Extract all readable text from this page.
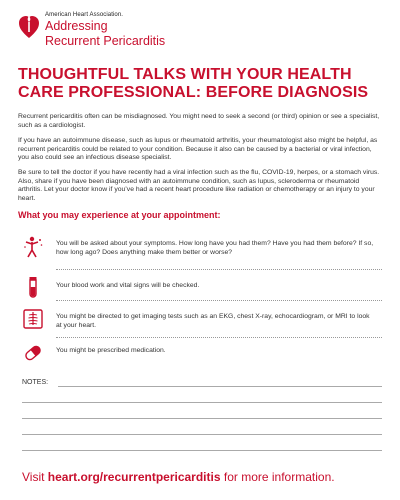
American Heart Association.
Addressing
Recurrent Pericarditis
THOUGHTFUL TALKS WITH YOUR HEALTH CARE PROFESSIONAL: BEFORE DIAGNOSIS
Recurrent pericarditis often can be misdiagnosed. You might need to seek a second (or third) opinion or see a specialist, such as a cardiologist.
If you have an autoimmune disease, such as lupus or rheumatoid arthritis, your rheumatologist also might be helpful, as recurrent pericarditis could be related to your condition. Because it also can be caused by a bacterial or viral infection, you also could see an infectious disease specialist.
Be sure to tell the doctor if you have recently had a viral infection such as the flu, COVID-19, herpes, or a stomach virus. Also, share if you have been diagnosed with an autoimmune condition, such as lupus, scleroderma or rheumatoid arthritis. Let your doctor know if you’ve had a recent heart procedure like radiation or chemotherapy or an injury to your heart.
What you may experience at your appointment:
You will be asked about your symptoms. How long have you had them? Have you had them before? If so, how long ago? Does anything make them better or worse?
Your blood work and vital signs will be checked.
You might be directed to get imaging tests such as an EKG, chest X-ray, echocardiogram, or MRI to look at your heart.
You might be prescribed medication.
NOTES:
Visit heart.org/recurrentpericarditis for more information.
